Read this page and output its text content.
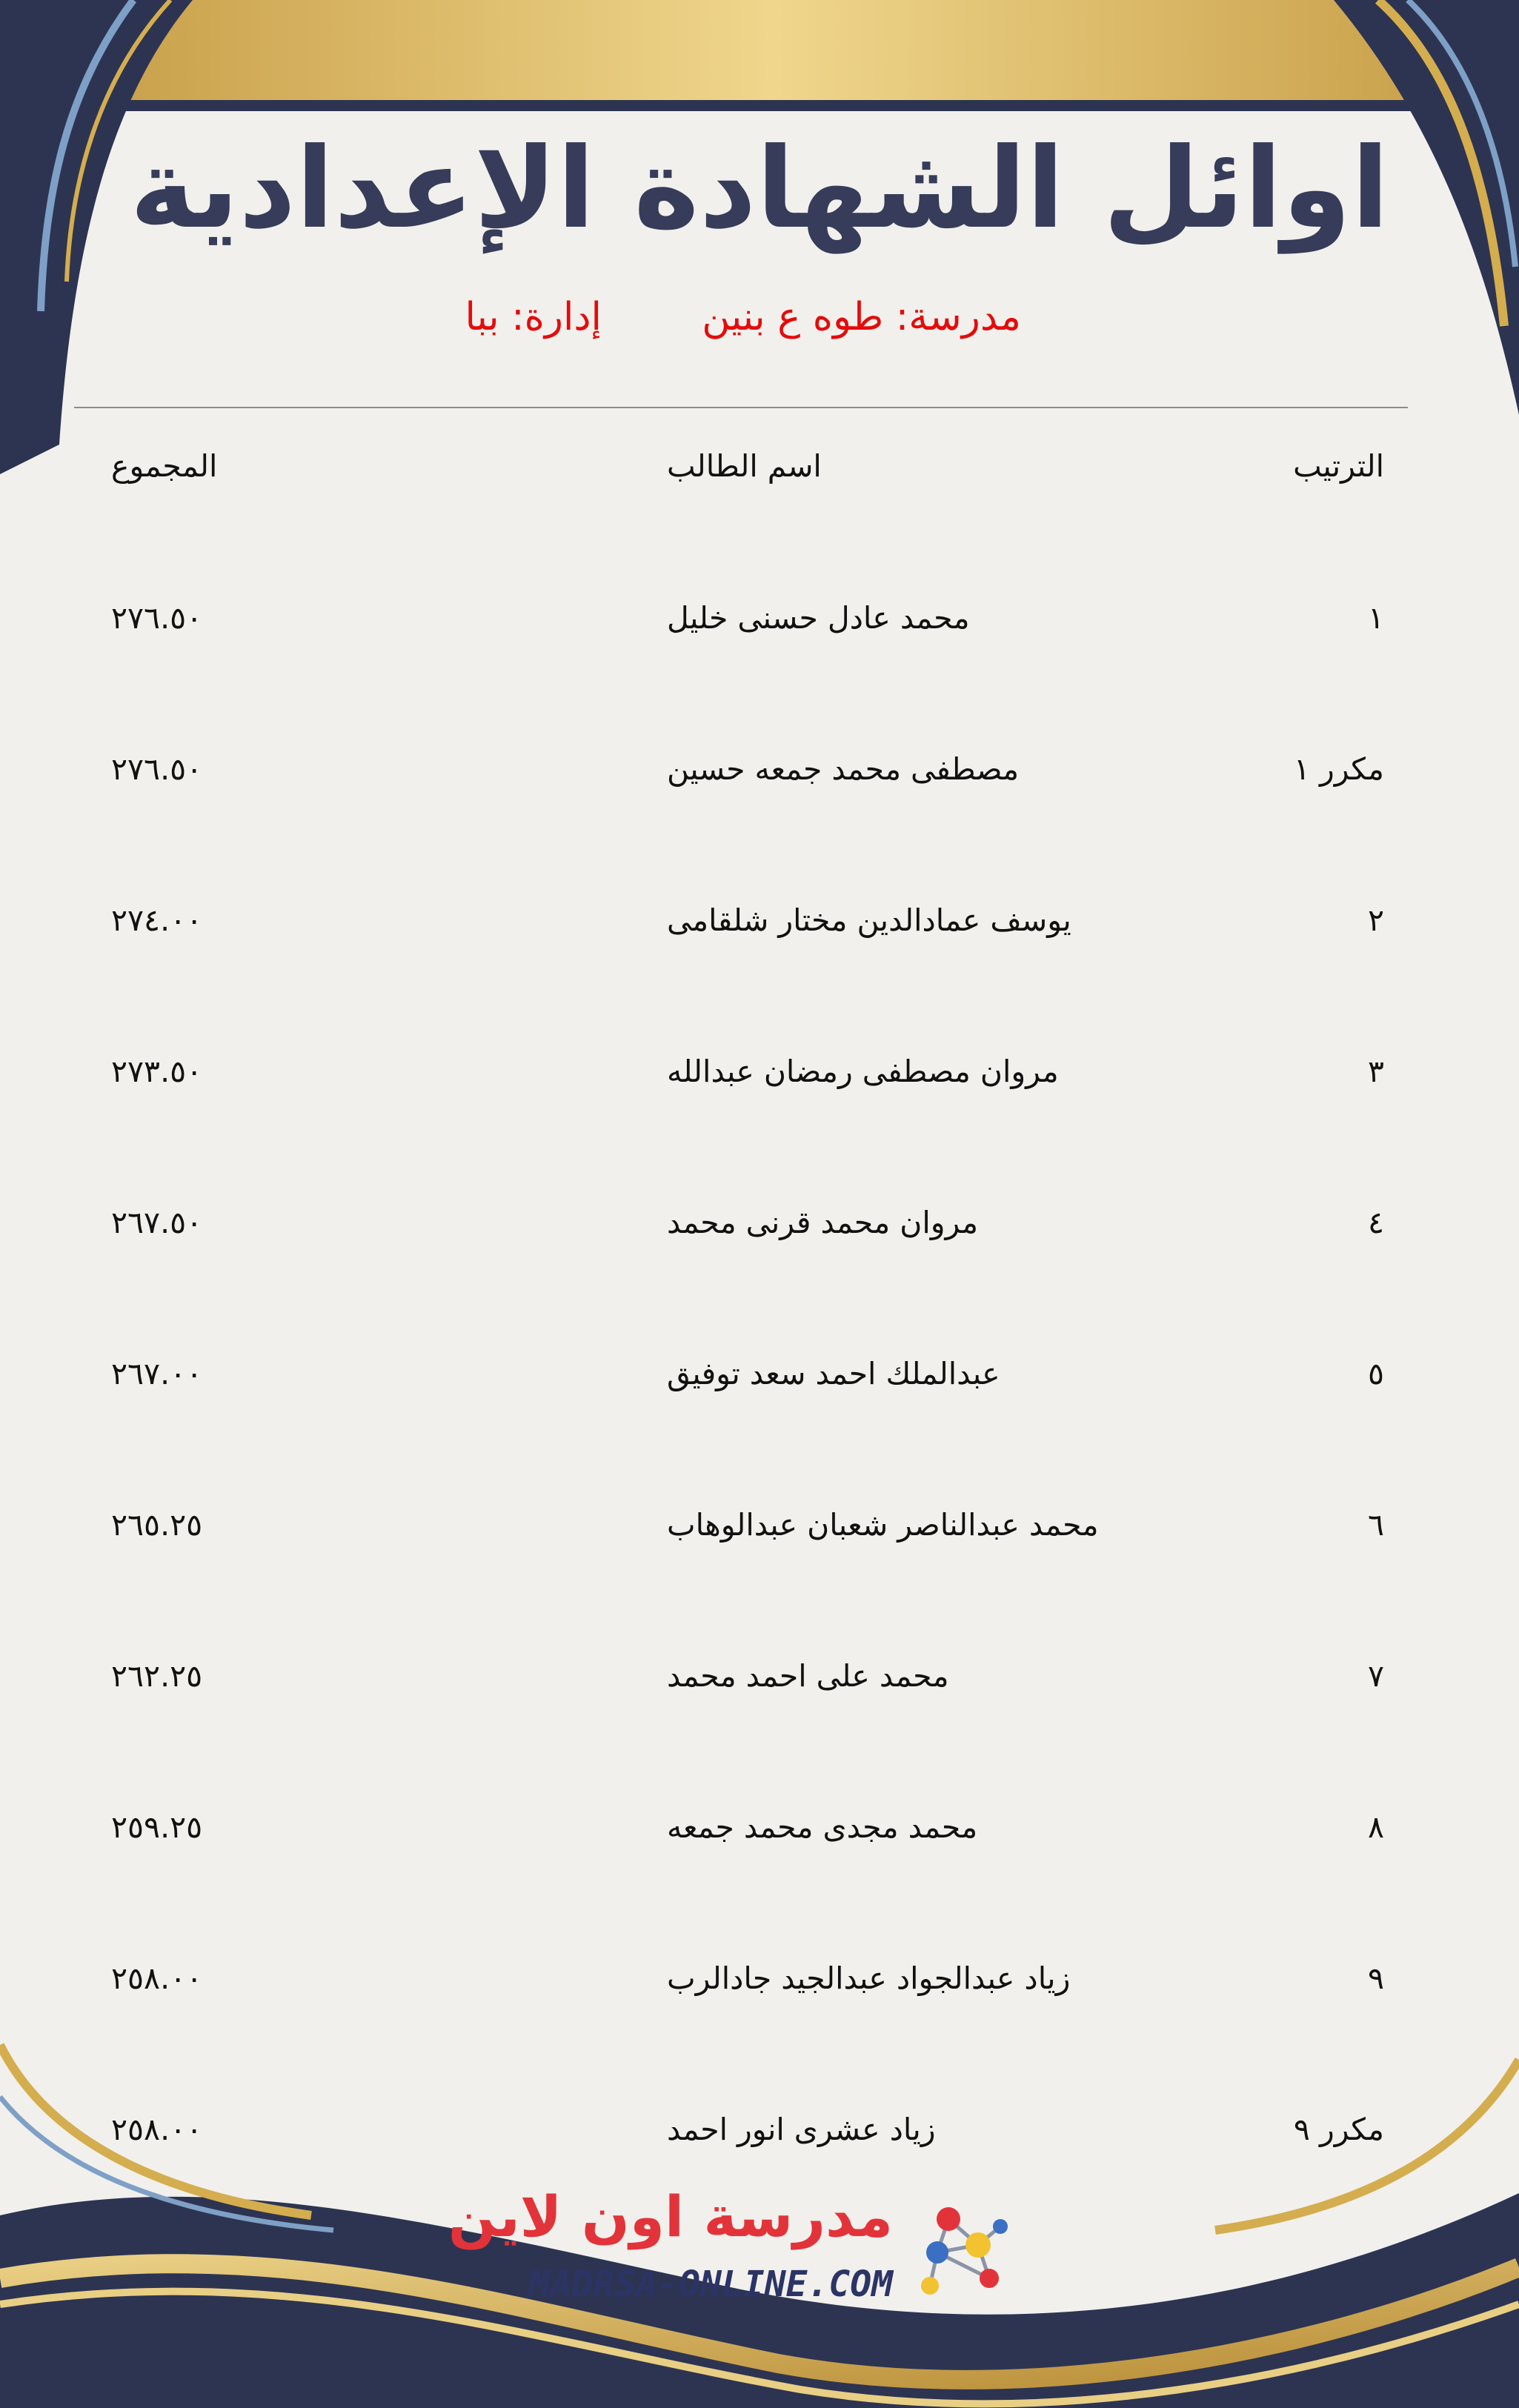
اوائل الشهادة الإعدادية
مدرسة: طوه ع بنين
إدارة: ببا
الترتيب
اسم الطالب
المجموع
١
محمد عادل حسنى خليل
٢٧٦.٥٠
مكرر ١
مصطفى محمد جمعه حسين
٢٧٦.٥٠
٢
يوسف عمادالدين مختار شلقامى
٢٧٤.٠٠
٣
مروان مصطفى رمضان عبدالله
٢٧٣.٥٠
٤
مروان محمد قرنى محمد
٢٦٧.٥٠
٥
عبدالملك احمد سعد توفيق
٢٦٧.٠٠
٦
محمد عبدالناصر شعبان عبدالوهاب
٢٦٥.٢٥
٧
محمد على احمد محمد
٢٦٢.٢٥
٨
محمد مجدى محمد جمعه
٢٥٩.٢٥
٩
زياد عبدالجواد عبدالجيد جادالرب
٢٥٨.٠٠
مكرر ٩
زياد عشرى انور احمد
٢٥٨.٠٠
مدرسة اون لاين
MADRSA-ONLINE.COM
